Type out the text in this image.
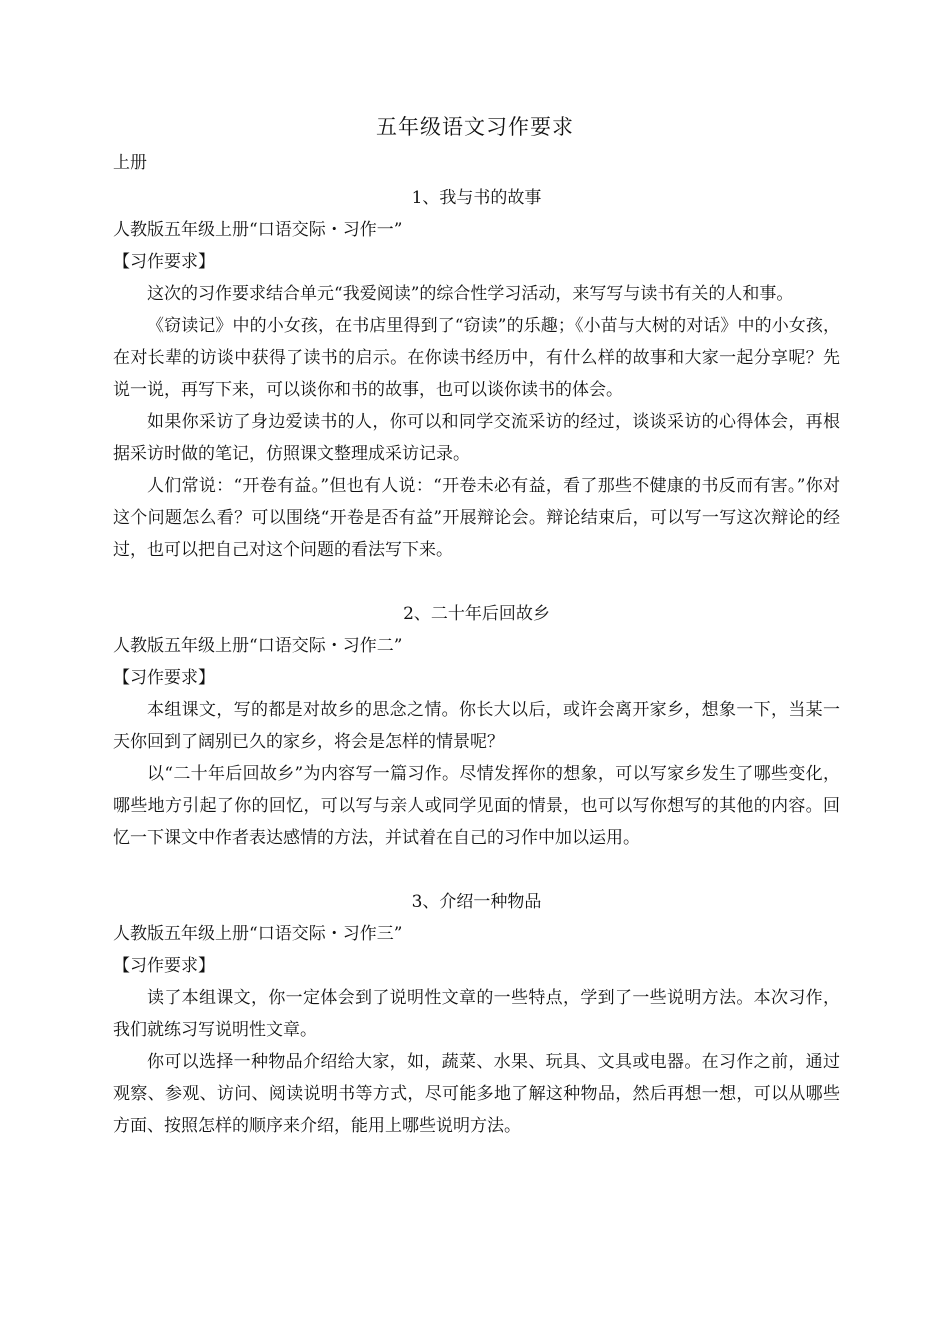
五年级语文习作要求
上册

1、我与书的故事

人教版五年级上册“口语交际・习作一”

【习作要求】

这次的习作要求结合单元“我爱阅读”的综合性学习活动，来写写与读书有关的人和事。

《窃读记》中的小女孩，在书店里得到了“窃读”的乐趣；《小苗与大树的对话》中的小女孩，在对长辈的访谈中获得了读书的启示。在你读书经历中，有什么样的故事和大家一起分享呢？先说一说，再写下来，可以谈你和书的故事，也可以谈你读书的体会。

如果你采访了身边爱读书的人，你可以和同学交流采访的经过，谈谈采访的心得体会，再根据采访时做的笔记，仿照课文整理成采访记录。

人们常说：“开卷有益。”但也有人说：“开卷未必有益，看了那些不健康的书反而有害。”你对这个问题怎么看？可以围绕“开卷是否有益”开展辩论会。辩论结束后，可以写一写这次辩论的经过，也可以把自己对这个问题的看法写下来。

2、二十年后回故乡

人教版五年级上册“口语交际・习作二”

【习作要求】

本组课文，写的都是对故乡的思念之情。你长大以后，或许会离开家乡，想象一下，当某一天你回到了阔别已久的家乡，将会是怎样的情景呢？

以“二十年后回故乡”为内容写一篇习作。尽情发挥你的想象，可以写家乡发生了哪些变化，哪些地方引起了你的回忆，可以写与亲人或同学见面的情景，也可以写你想写的其他的内容。回忆一下课文中作者表达感情的方法，并试着在自己的习作中加以运用。

3、介绍一种物品

人教版五年级上册“口语交际・习作三”

【习作要求】

读了本组课文，你一定体会到了说明性文章的一些特点，学到了一些说明方法。本次习作，我们就练习写说明性文章。

你可以选择一种物品介绍给大家，如，蔬菜、水果、玩具、文具或电器。在习作之前，通过观察、参观、访问、阅读说明书等方式，尽可能多地了解这种物品，然后再想一想，可以从哪些方面、按照怎样的顺序来介绍，能用上哪些说明方法。
